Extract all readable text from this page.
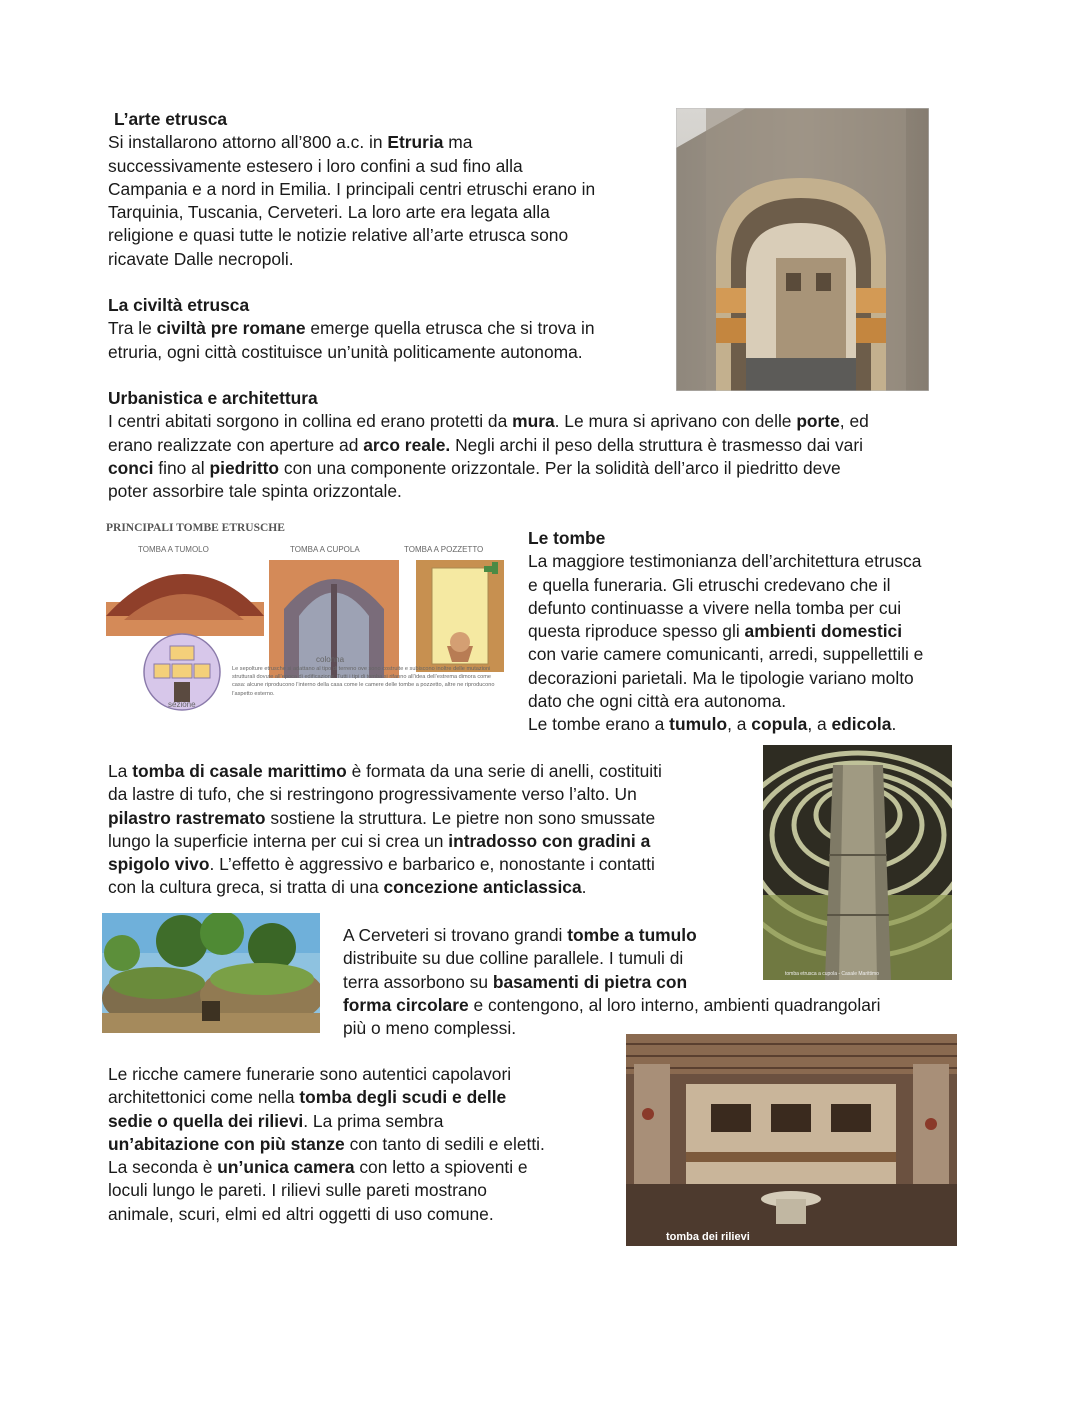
L’arte etrusca

Si installarono attorno all’800 a.c. in Etruria ma

successivamente estesero i loro confini a sud fino alla

Campania e a nord in Emilia. I principali centri etruschi erano in

Tarquinia, Tuscania, Cerveteri. La loro arte era legata alla

religione e quasi tutte le notizie relative all’arte etrusca sono

ricavate Dalle necropoli.

La civiltà etrusca

Tra le civiltà pre romane emerge quella etrusca che si trova in

etruria, ogni città costituisce un’unità politicamente autonoma.

Urbanistica e architettura

I centri abitati sorgono in collina ed erano protetti da mura. Le mura si aprivano con delle porte, ed

erano realizzate con aperture ad arco reale. Negli archi il peso della struttura è trasmesso dai vari

conci fino al piedritto con una componente orizzontale. Per la solidità dell’arco il piedritto deve

poter assorbire tale spinta orizzontale.

PRINCIPALI TOMBE ETRUSCHE
TOMBA A TUMOLO	TOMBA A CUPOLA	TOMBA A POZZETTO
colonna
sezione
Le sepolture etrusche si adattano al tipo di terreno ove sono costruite e subiscono inoltre delle mutazioni strutturali dovute all’epoca di edificazione. Tutti i tipi di tomba si rifanno all’idea dell’estrema dimora come casa: alcune riproducono l’interno della casa come le camere delle tombe a pozzetto, altre ne riproducono l’aspetto esterno.

Le tombe

La maggiore testimonianza dell’architettura etrusca

e quella funeraria. Gli etruschi credevano che il

defunto continuasse a vivere nella tomba per cui

questa riproduce spesso gli ambienti domestici

con varie camere comunicanti, arredi, suppellettili e

decorazioni parietali. Ma le tipologie variano molto

dato che ogni città era autonoma.

Le tombe erano a tumulo, a copula, a edicola.

La tomba di casale marittimo è formata da una serie di anelli, costituiti

da lastre di tufo, che si restringono progressivamente verso l’alto. Un

pilastro rastremato sostiene la struttura. Le pietre non sono smussate

lungo la superficie interna per cui si crea un intradosso con gradini a

spigolo vivo. L’effetto è aggressivo e barbarico e, nonostante i contatti

con la cultura greca, si tratta di una concezione anticlassica.

tomba etrusca a cupola - Casale Marittimo

A Cerveteri si trovano grandi tombe a tumulo

distribuite su due colline parallele. I tumuli di

terra assorbono su basamenti di pietra con

forma circolare e contengono, al loro interno, ambienti quadrangolari

più o meno complessi.

Le ricche camere funerarie sono autentici capolavori

architettonici come nella tomba degli scudi e delle

sedie o quella dei rilievi. La prima sembra

un’abitazione con più stanze con tanto di sedili e eletti.

La seconda è un’unica camera con letto a spioventi e

loculi lungo le pareti. I rilievi sulle pareti mostrano

animale, scuri, elmi ed altri oggetti di uso comune.

tomba dei rilievi
